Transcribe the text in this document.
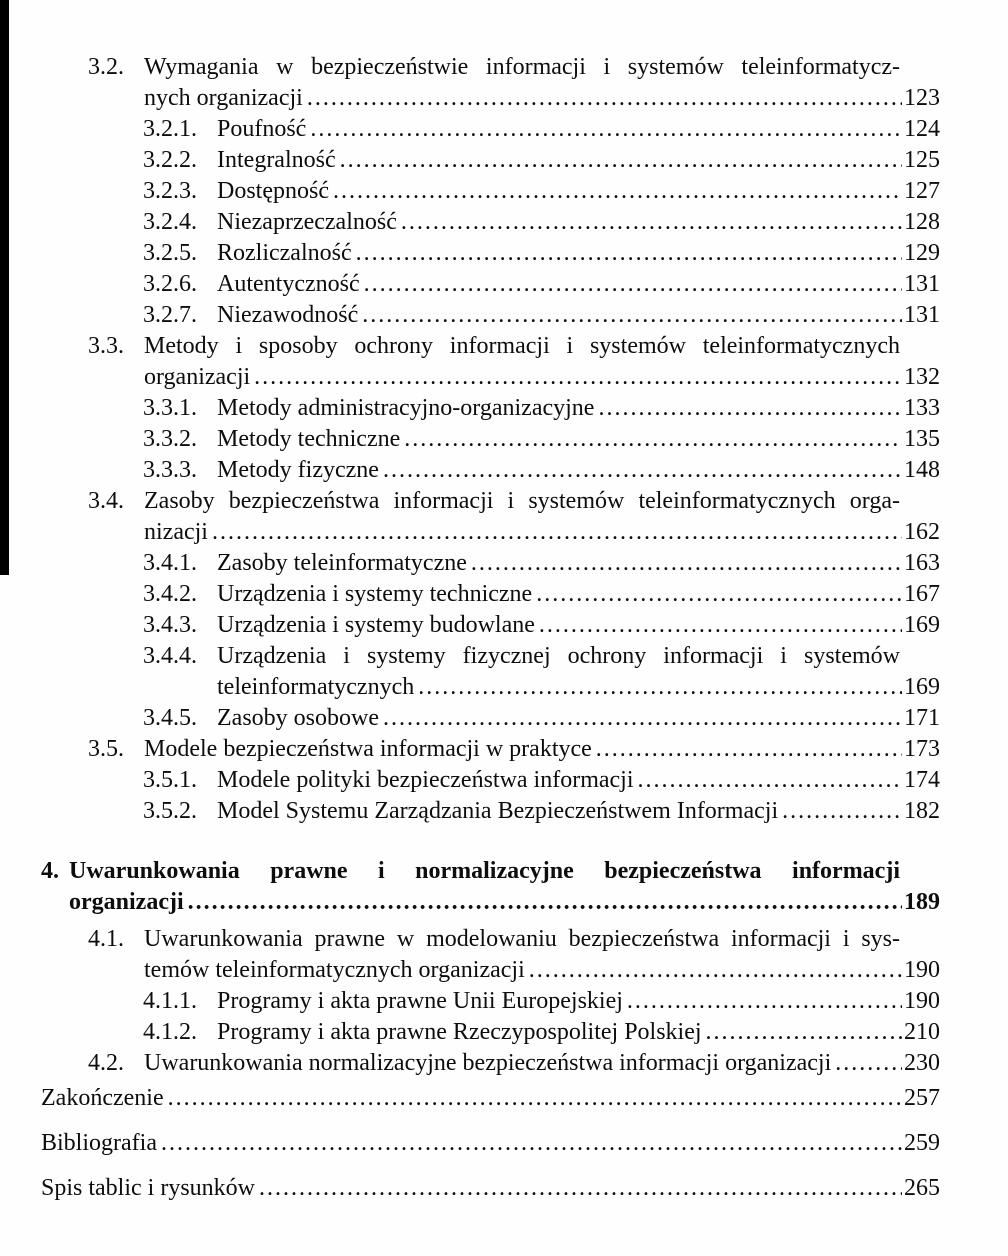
3.2. Wymagania w bezpieczeństwie informacji i systemów teleinformatycz-
nych organizacji .....	123
3.2.1. Poufność .....	124
3.2.2. Integralność .....	125
3.2.3. Dostępność .....	127
3.2.4. Niezaprzeczalność .....	128
3.2.5. Rozliczalność .....	129
3.2.6. Autentyczność .....	131
3.2.7. Niezawodność .....	131
3.3. Metody i sposoby ochrony informacji i systemów teleinformatycznych
organizacji .....	132
3.3.1. Metody administracyjno-organizacyjne .....	133
3.3.2. Metody techniczne .....	135
3.3.3. Metody fizyczne .....	148
3.4. Zasoby bezpieczeństwa informacji i systemów teleinformatycznych orga-
nizacji .....	162
3.4.1. Zasoby teleinformatyczne .....	163
3.4.2. Urządzenia i systemy techniczne .....	167
3.4.3. Urządzenia i systemy budowlane .....	169
3.4.4. Urządzenia i systemy fizycznej ochrony informacji i systemów
teleinformatycznych .....	169
3.4.5. Zasoby osobowe .....	171
3.5. Modele bezpieczeństwa informacji w praktyce .....	173
3.5.1. Modele polityki bezpieczeństwa informacji .....	174
3.5.2. Model Systemu Zarządzania Bezpieczeństwem Informacji .....	182
4. Uwarunkowania prawne i normalizacyjne bezpieczeństwa informacji
organizacji .....	189
4.1. Uwarunkowania prawne w modelowaniu bezpieczeństwa informacji i sys-
temów teleinformatycznych organizacji .....	190
4.1.1. Programy i akta prawne Unii Europejskiej .....	190
4.1.2. Programy i akta prawne Rzeczypospolitej Polskiej .....	210
4.2. Uwarunkowania normalizacyjne bezpieczeństwa informacji organizacji .....	230
Zakończenie .....	257
Bibliografia .....	259
Spis tablic i rysunków .....	265
